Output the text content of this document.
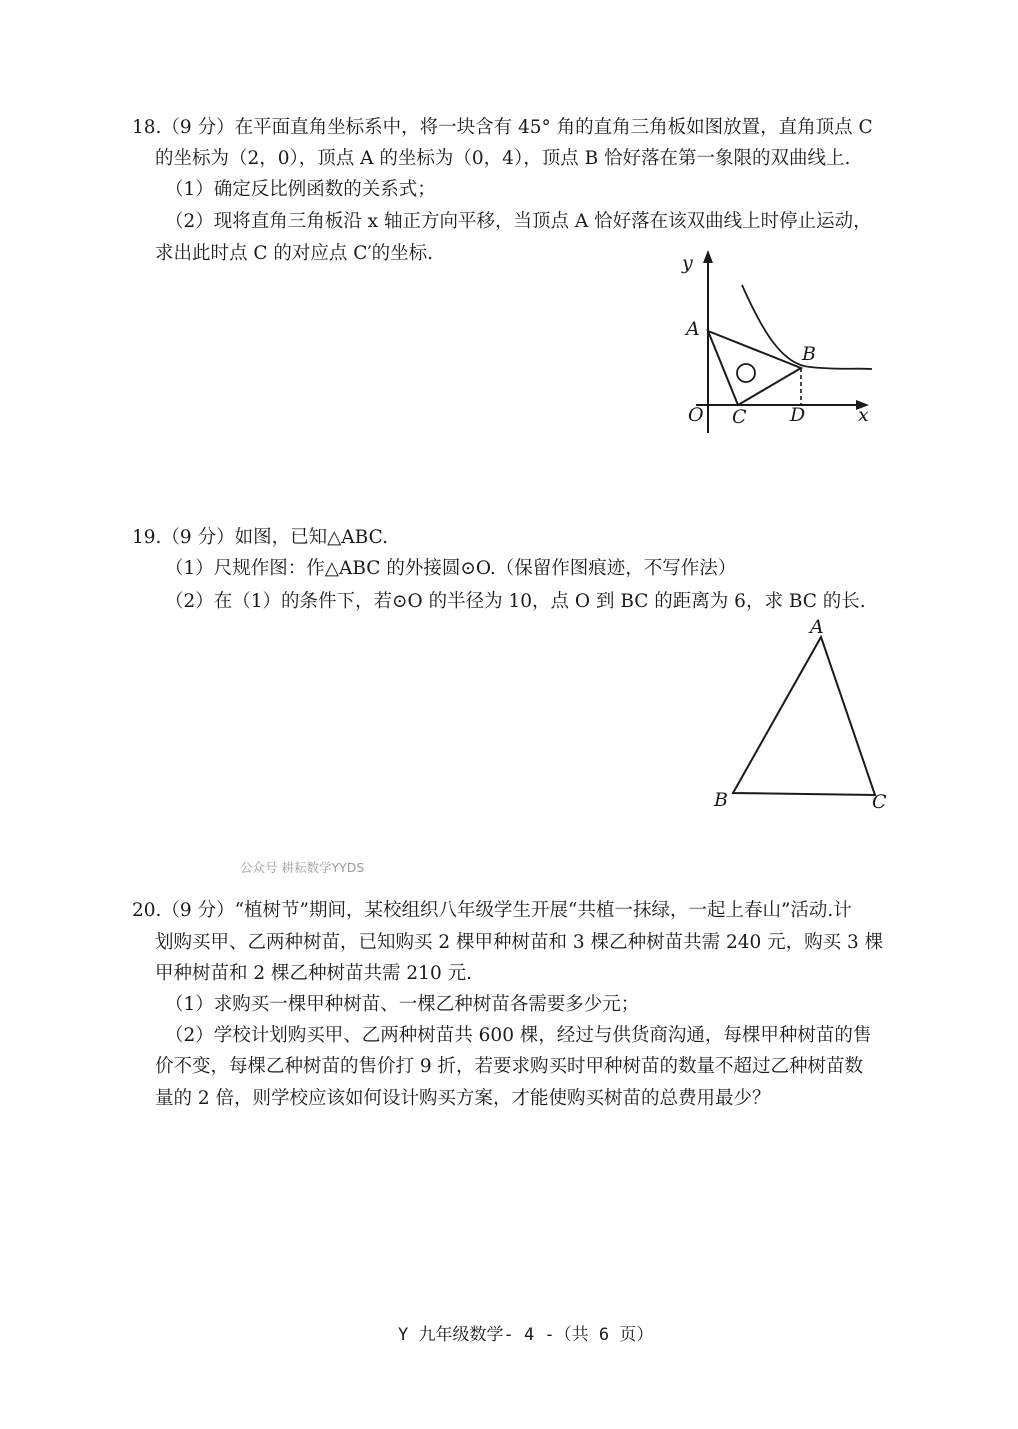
18.（9 分）在平面直角坐标系中，将一块含有 45° 角的直角三角板如图放置，直角顶点 C
的坐标为（2，0），顶点 A 的坐标为（0，4），顶点 B 恰好落在第一象限的双曲线上.
（1）确定反比例函数的关系式；
（2）现将直角三角板沿 x 轴正方向平移，当顶点 A 恰好落在该双曲线上时停止运动，
求出此时点 C 的对应点 C′的坐标.	y
x
O
A
B
C D
19.（9 分）如图，已知△ABC.
（1）尺规作图：作△ABC 的外接圆⊙O.（保留作图痕迹，不写作法）
（2）在（1）的条件下，若⊙O 的半径为 10，点 O 到 BC 的距离为 6，求 BC 的长.
A
B	C
公众号 耕耘数学YYDS
20.（9 分）“植树节”期间，某校组织八年级学生开展“共植一抹绿，一起上春山”活动.计
划购买甲、乙两种树苗，已知购买 2 棵甲种树苗和 3 棵乙种树苗共需 240 元，购买 3 棵
甲种树苗和 2 棵乙种树苗共需 210 元.
（1）求购买一棵甲种树苗、一棵乙种树苗各需要多少元；
（2）学校计划购买甲、乙两种树苗共 600 棵，经过与供货商沟通，每棵甲种树苗的售
价不变，每棵乙种树苗的售价打 9 折，若要求购买时甲种树苗的数量不超过乙种树苗数
量的 2 倍，则学校应该如何设计购买方案，才能使购买树苗的总费用最少？
Y 九年级数学- 4 -（共 6 页）
